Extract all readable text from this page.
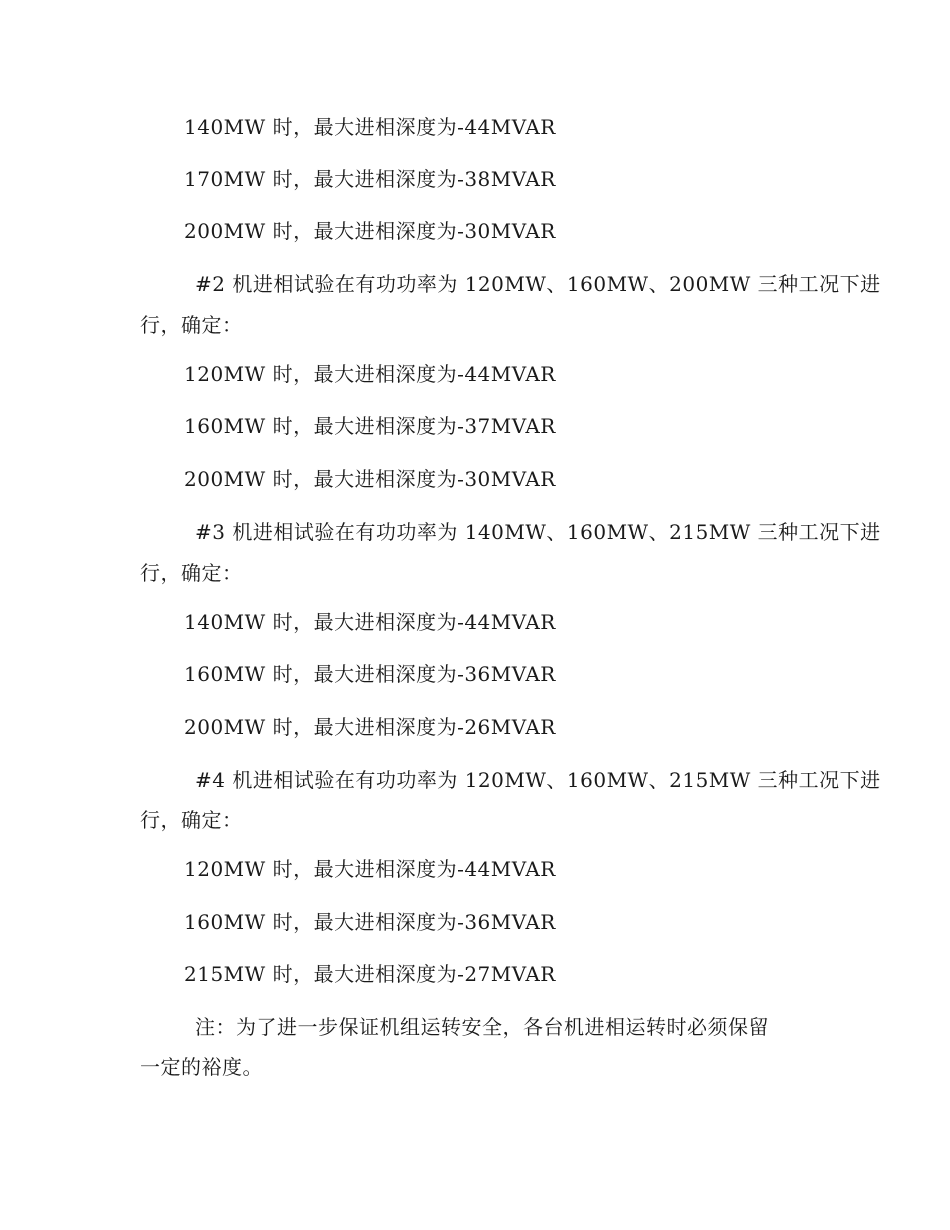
140MW 时，最大进相深度为-44MVAR
170MW 时，最大进相深度为-38MVAR
200MW 时，最大进相深度为-30MVAR
#2 机进相试验在有功功率为 120MW、160MW、200MW 三种工况下进
行，确定：
120MW 时，最大进相深度为-44MVAR
160MW 时，最大进相深度为-37MVAR
200MW 时，最大进相深度为-30MVAR
#3 机进相试验在有功功率为 140MW、160MW、215MW 三种工况下进
行，确定：
140MW 时，最大进相深度为-44MVAR
160MW 时，最大进相深度为-36MVAR
200MW 时，最大进相深度为-26MVAR
#4 机进相试验在有功功率为 120MW、160MW、215MW 三种工况下进
行，确定：
120MW 时，最大进相深度为-44MVAR
160MW 时，最大进相深度为-36MVAR
215MW 时，最大进相深度为-27MVAR
注：为了进一步保证机组运转安全，各台机进相运转时必须保留
一定的裕度。
